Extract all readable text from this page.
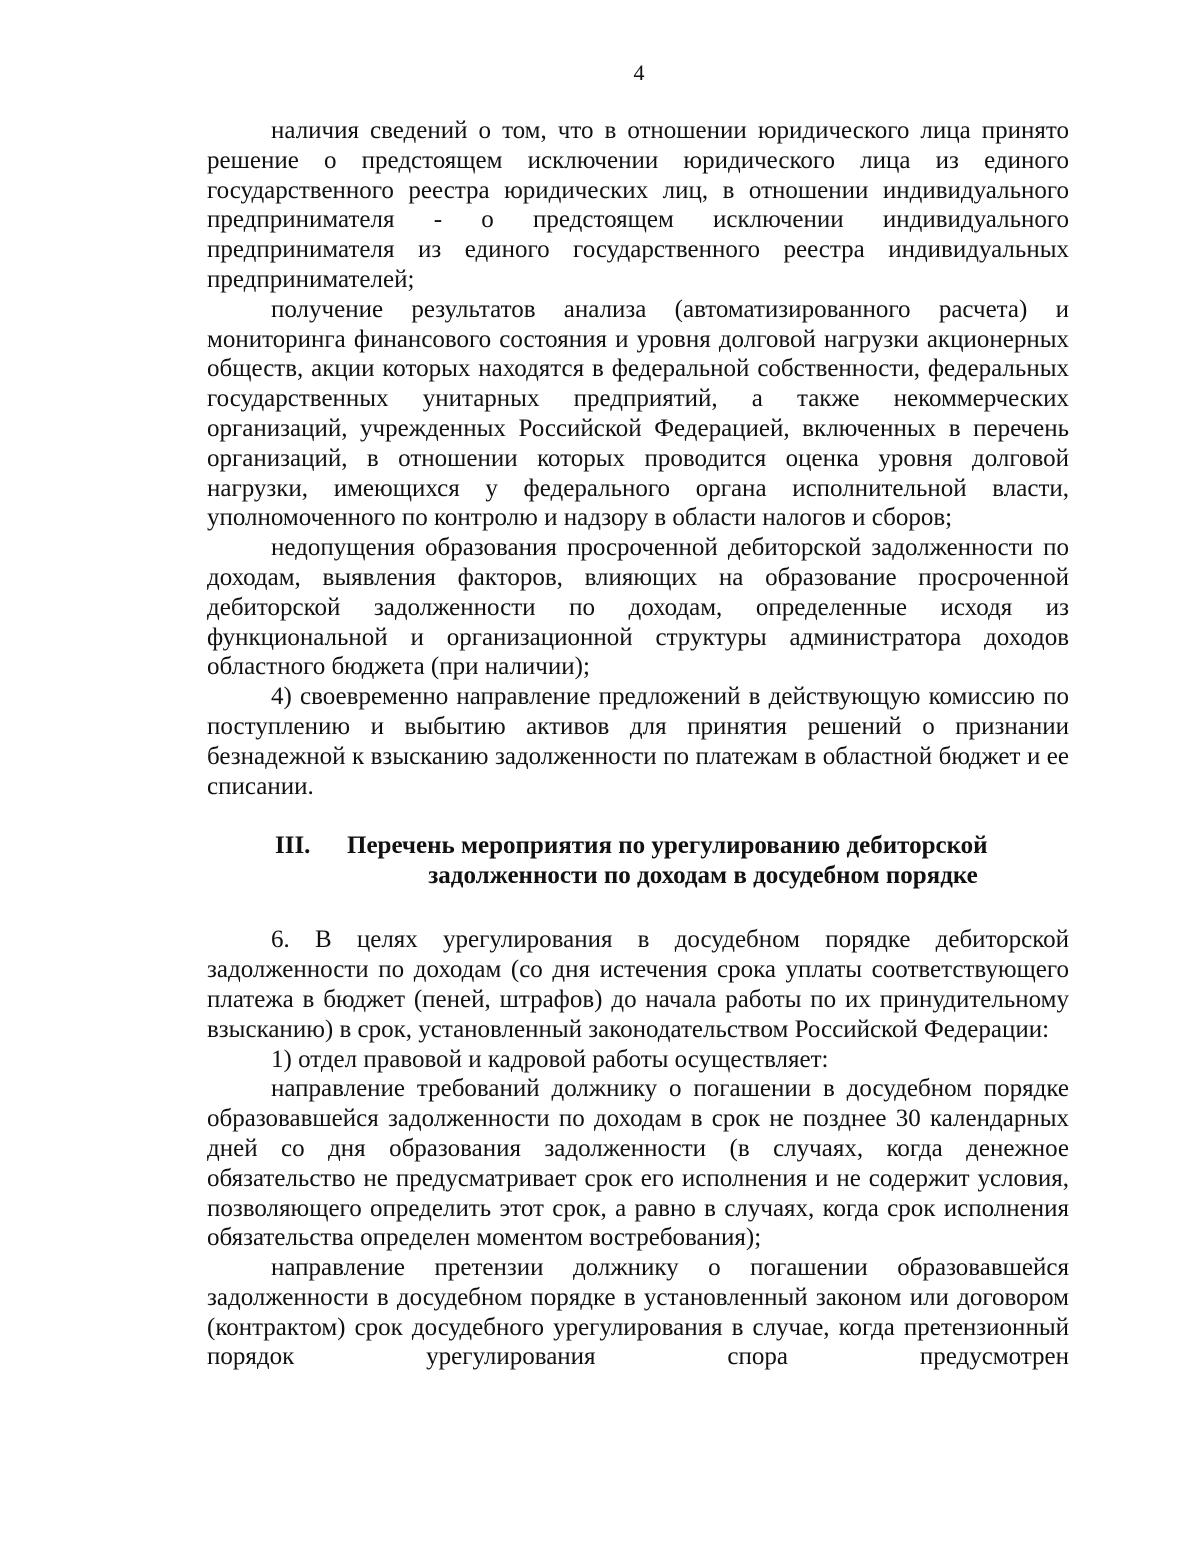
4

наличия сведений о том, что в отношении юридического лица принято решение о предстоящем исключении юридического лица из единого государственного реестра юридических лиц, в отношении индивидуального предпринимателя - о предстоящем исключении индивидуального предпринимателя из единого государственного реестра индивидуальных предпринимателей;

получение результатов анализа (автоматизированного расчета) и мониторинга финансового состояния и уровня долговой нагрузки акционерных обществ, акции которых находятся в федеральной собственности, федеральных государственных унитарных предприятий, а также некоммерческих организаций, учрежденных Российской Федерацией, включенных в перечень организаций, в отношении которых проводится оценка уровня долговой нагрузки, имеющихся у федерального органа исполнительной власти, уполномоченного по контролю и надзору в области налогов и сборов;

недопущения образования просроченной дебиторской задолженности по доходам, выявления факторов, влияющих на образование просроченной дебиторской задолженности по доходам, определенные исходя из функциональной и организационной структуры администратора доходов областного бюджета (при наличии);

4) своевременно направление предложений в действующую комиссию по поступлению и выбытию активов для принятия решений о признании безнадежной к взысканию задолженности по платежам в областной бюджет и ее списании.

III. Перечень мероприятия по урегулированию дебиторской
задолженности по доходам в досудебном порядке

6. В целях урегулирования в досудебном порядке дебиторской задолженности по доходам (со дня истечения срока уплаты соответствующего платежа в бюджет (пеней, штрафов) до начала работы по их принудительному взысканию) в срок, установленный законодательством Российской Федерации:

1) отдел правовой и кадровой работы осуществляет:

направление требований должнику о погашении в досудебном порядке образовавшейся задолженности по доходам в срок не позднее 30 календарных дней со дня образования задолженности (в случаях, когда денежное обязательство не предусматривает срок его исполнения и не содержит условия, позволяющего определить этот срок, а равно в случаях, когда срок исполнения обязательства определен моментом востребования);

направление претензии должнику о погашении образовавшейся задолженности в досудебном порядке в установленный законом или договором (контрактом) срок досудебного урегулирования в случае, когда претензионный порядок урегулирования спора предусмотрен
